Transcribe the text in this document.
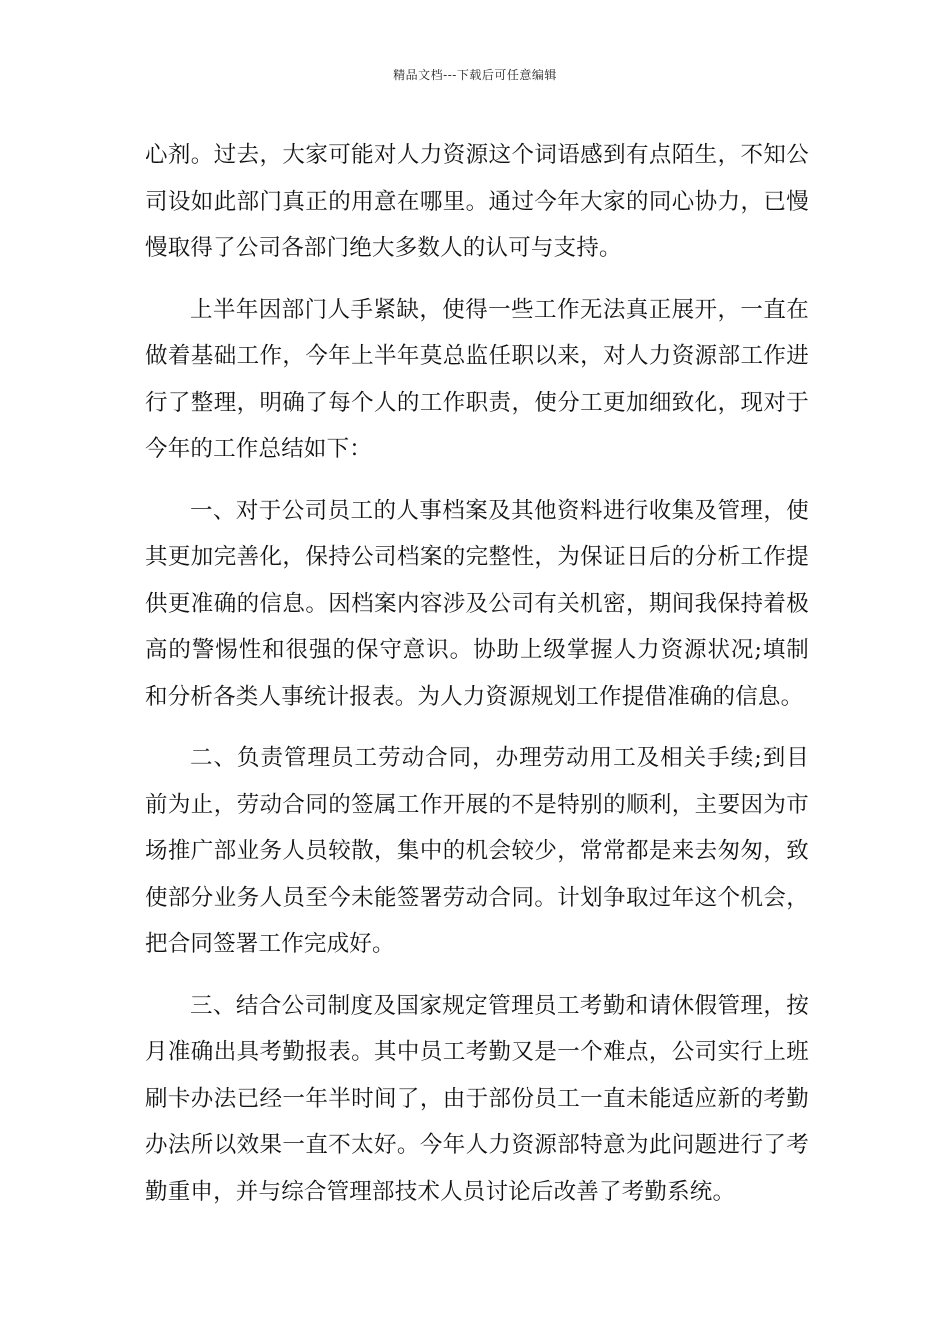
精品文档---下载后可任意编辑

心剂。过去，大家可能对人力资源这个词语感到有点陌生，不知公司设如此部门真正的用意在哪里。通过今年大家的同心协力，已慢慢取得了公司各部门绝大多数人的认可与支持。

上半年因部门人手紧缺，使得一些工作无法真正展开，一直在做着基础工作，今年上半年莫总监任职以来，对人力资源部工作进行了整理，明确了每个人的工作职责，使分工更加细致化，现对于今年的工作总结如下：

一、对于公司员工的人事档案及其他资料进行收集及管理，使其更加完善化，保持公司档案的完整性，为保证日后的分析工作提供更准确的信息。因档案内容涉及公司有关机密，期间我保持着极高的警惕性和很强的保守意识。协助上级掌握人力资源状况;填制和分析各类人事统计报表。为人力资源规划工作提借准确的信息。

二、负责管理员工劳动合同，办理劳动用工及相关手续;到目前为止，劳动合同的签属工作开展的不是特别的顺利，主要因为市场推广部业务人员较散，集中的机会较少，常常都是来去匆匆，致使部分业务人员至今未能签署劳动合同。计划争取过年这个机会，把合同签署工作完成好。

三、结合公司制度及国家规定管理员工考勤和请休假管理，按月准确出具考勤报表。其中员工考勤又是一个难点，公司实行上班刷卡办法已经一年半时间了，由于部份员工一直未能适应新的考勤办法所以效果一直不太好。今年人力资源部特意为此问题进行了考勤重申，并与综合管理部技术人员讨论后改善了考勤系统。
